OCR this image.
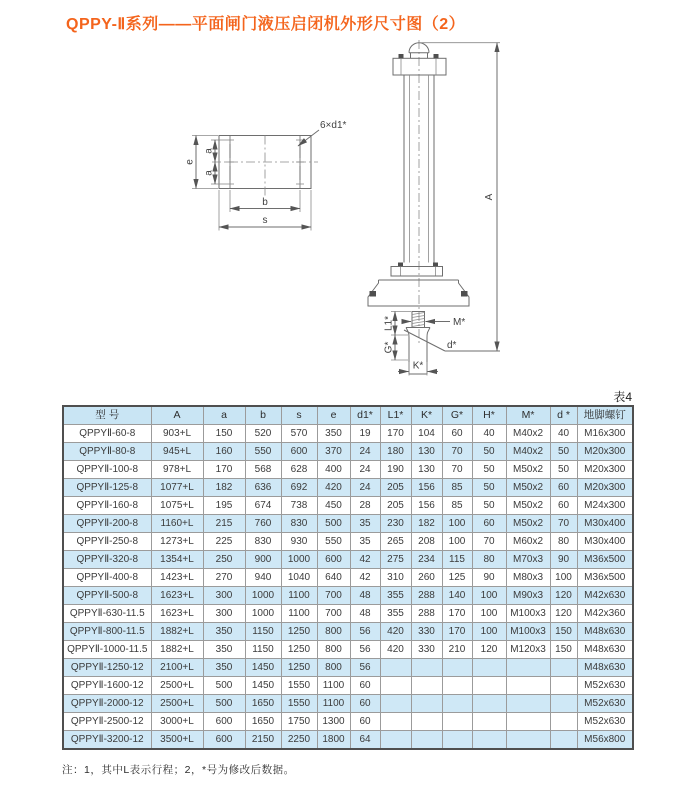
QPPY-Ⅱ系列——平面闸门液压启闭机外形尺寸图（2）
e
a
a
b
s
6×d1*
M*
L1*
G*
K*
d*
A
表4
型 号	A	a	b	s	e	d1*	L1*	K*	G*	H*	M*	d *	地脚螺钉
QPPYⅡ-60-8	903+L	150	520	570	350	19	170	104	60	40	M40x2	40	M16x300
QPPYⅡ-80-8	945+L	160	550	600	370	24	180	130	70	50	M40x2	50	M20x300
QPPYⅡ-100-8	978+L	170	568	628	400	24	190	130	70	50	M50x2	50	M20x300
QPPYⅡ-125-8	1077+L	182	636	692	420	24	205	156	85	50	M50x2	60	M20x300
QPPYⅡ-160-8	1075+L	195	674	738	450	28	205	156	85	50	M50x2	60	M24x300
QPPYⅡ-200-8	1160+L	215	760	830	500	35	230	182	100	60	M50x2	70	M30x400
QPPYⅡ-250-8	1273+L	225	830	930	550	35	265	208	100	70	M60x2	80	M30x400
QPPYⅡ-320-8	1354+L	250	900	1000	600	42	275	234	115	80	M70x3	90	M36x500
QPPYⅡ-400-8	1423+L	270	940	1040	640	42	310	260	125	90	M80x3	100	M36x500
QPPYⅡ-500-8	1623+L	300	1000	1100	700	48	355	288	140	100	M90x3	120	M42x630
QPPYⅡ-630-11.5	1623+L	300	1000	1100	700	48	355	288	170	100	M100x3	120	M42x360
QPPYⅡ-800-11.5	1882+L	350	1150	1250	800	56	420	330	170	100	M100x3	150	M48x630
QPPYⅡ-1000-11.5	1882+L	350	1150	1250	800	56	420	330	210	120	M120x3	150	M48x630
QPPYⅡ-1250-12	2100+L	350	1450	1250	800	56							M48x630
QPPYⅡ-1600-12	2500+L	500	1450	1550	1100	60							M52x630
QPPYⅡ-2000-12	2500+L	500	1650	1550	1100	60							M52x630
QPPYⅡ-2500-12	3000+L	600	1650	1750	1300	60							M52x630
QPPYⅡ-3200-12	3500+L	600	2150	2250	1800	64							M56x800
注：1，其中L表示行程；2，*号为修改后数据。
